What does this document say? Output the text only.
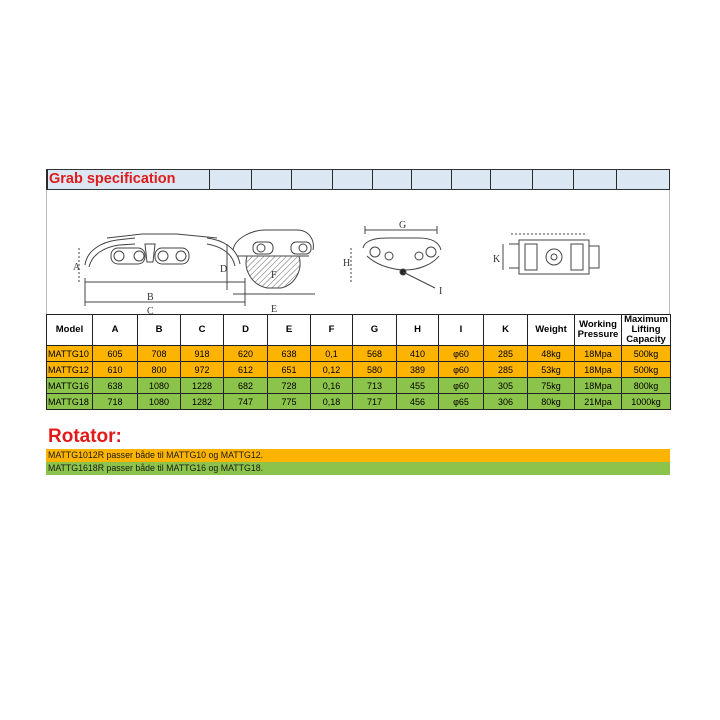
Grab specification
A
B
C
D
E
F
G
H
I
K
Model	A	B	C	D	E	F	G	H	I	K	Weight	Working Pressure	Maximum Lifting Capacity
MATTG10	605	708	918	620	638	0,1	568	410	φ60	285	48kg	18Mpa	500kg
MATTG12	610	800	972	612	651	0,12	580	389	φ60	285	53kg	18Mpa	500kg
MATTG16	638	1080	1228	682	728	0,16	713	455	φ60	305	75kg	18Mpa	800kg
MATTG18	718	1080	1282	747	775	0,18	717	456	φ65	306	80kg	21Mpa	1000kg
Rotator:
MATTG1012R passer både til MATTG10 og MATTG12.
MATTG1618R passer både til MATTG16 og MATTG18.
